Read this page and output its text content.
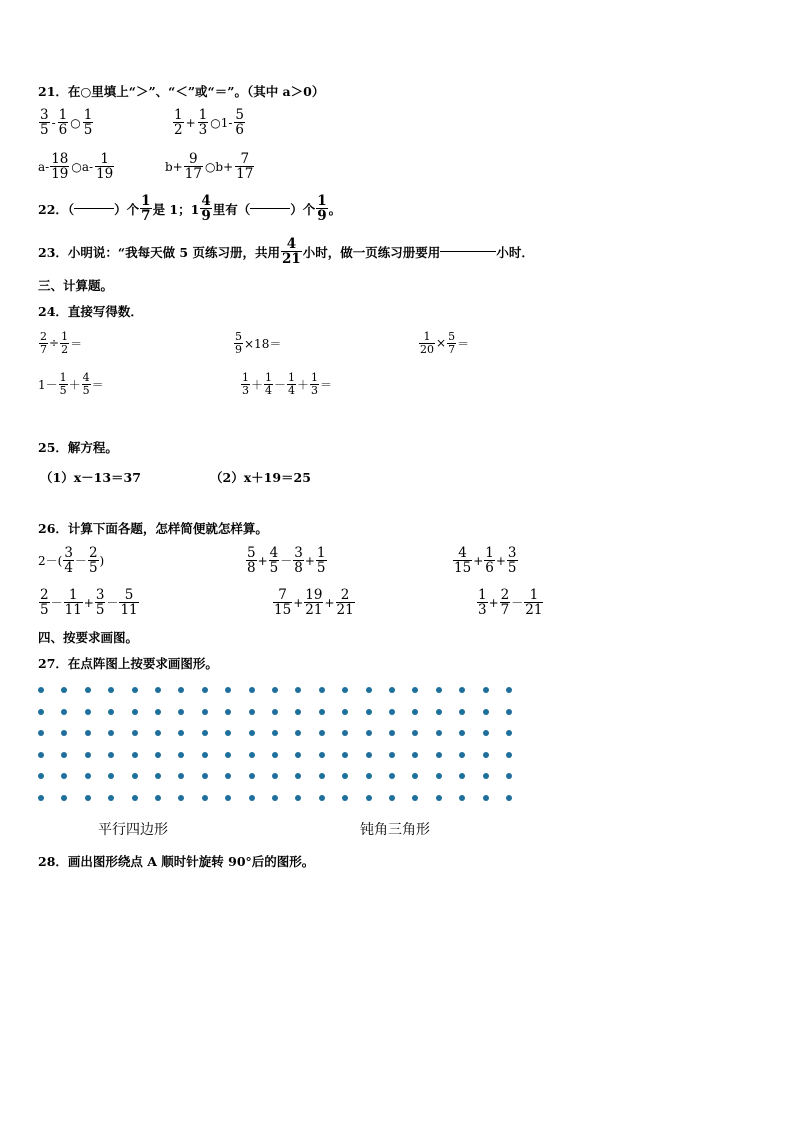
21．在○里填上“＞”、“＜”或“＝”。（其中 a＞0）
$\frac{3}{5} - \frac{1}{6}$ ○ $\frac{1}{5}$	$\frac{1}{2} + \frac{1}{3}$ ○1- $\frac{5}{6}$
$a- \frac{18}{19}$ ○a- $\frac{1}{19}$	$b+ \frac{9}{17}$ ○b+ $\frac{7}{17}$
22．（	）个 $\frac{1}{7}$ 是 1；$1 \frac{4}{9}$ 里有（	）个 $\frac{1}{9}$ 。
23．小明说：“我每天做 5 页练习册，共用 $\frac{4}{21}$ 小时，做一页练习册要用	小时．
三、计算题。
24．直接写得数．
$\frac{2}{7} \div \frac{1}{2}$ ＝	$\frac{5}{9} \times 18=$	$\frac{1}{20} \times \frac{5}{7}$ ＝
$1- \frac{1}{5} + \frac{4}{5}$ ＝	$\frac{1}{3} + \frac{1}{4} - \frac{1}{4} + \frac{1}{3}$ ＝
25．解方程。
（1）x－13＝37	（2）x＋19＝25
26．计算下面各题，怎样简便就怎样算。
$2-( \frac{3}{4} - \frac{2}{5}$ )	$\frac{5}{8} + \frac{4}{5} - \frac{3}{8} + \frac{1}{5}$	$\frac{4}{15} + \frac{1}{6} + \frac{3}{5}$
$\frac{2}{5} - \frac{1}{11} + \frac{3}{5} - \frac{5}{11}$	$\frac{7}{15} + \frac{19}{21} + \frac{2}{21}$	$\frac{1}{3} + \frac{2}{7} - \frac{1}{21}$
四、按要求画图。
27．在点阵图上按要求画图形。
平行四边形	钝角三角形
28．画出图形绕点 A 顺时针旋转 90°后的图形。
